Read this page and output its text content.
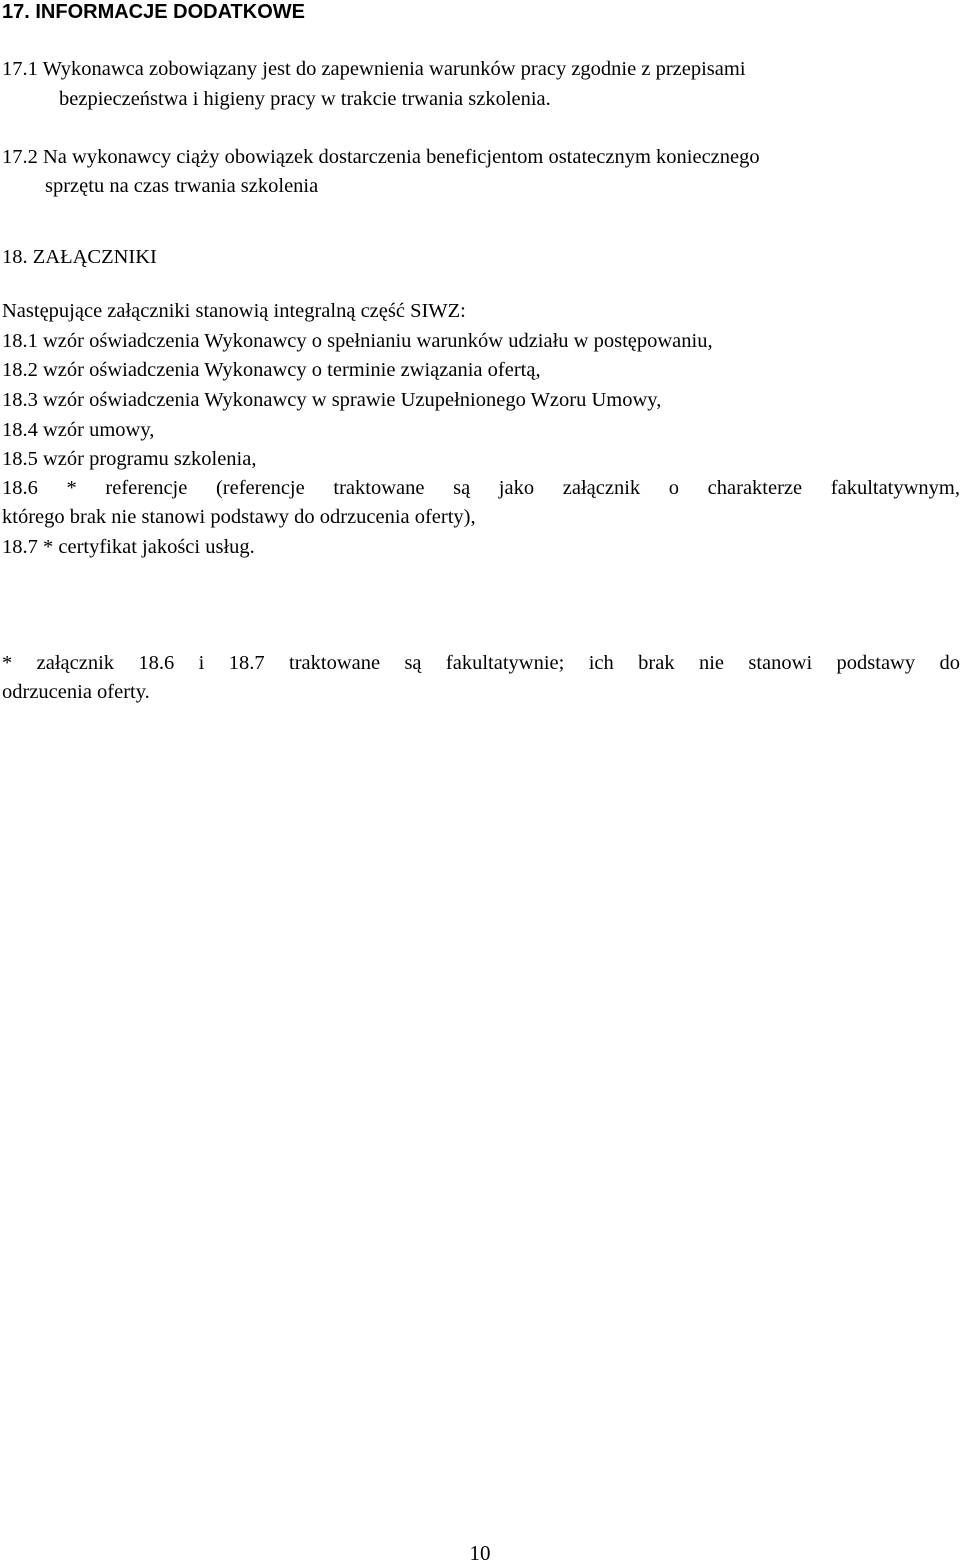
17. INFORMACJE DODATKOWE
17.1 Wykonawca zobowiązany jest do zapewnienia warunków pracy zgodnie z przepisami
bezpieczeństwa i higieny pracy w trakcie trwania szkolenia.
17.2 Na wykonawcy ciąży obowiązek dostarczenia beneficjentom ostatecznym koniecznego
sprzętu na czas trwania szkolenia
18. ZAŁĄCZNIKI
Następujące załączniki stanowią integralną część SIWZ:
18.1 wzór oświadczenia Wykonawcy o spełnianiu warunków udziału w postępowaniu,
18.2 wzór oświadczenia Wykonawcy o terminie związania ofertą,
18.3 wzór oświadczenia Wykonawcy w sprawie Uzupełnionego Wzoru Umowy,
18.4 wzór umowy,
18.5 wzór programu szkolenia,
18.6 * referencje (referencje traktowane są jako załącznik o charakterze fakultatywnym,
którego brak nie stanowi podstawy do odrzucenia oferty),
18.7 * certyfikat jakości usług.
* załącznik 18.6 i 18.7 traktowane są fakultatywnie; ich brak nie stanowi podstawy do
odrzucenia oferty.
10
